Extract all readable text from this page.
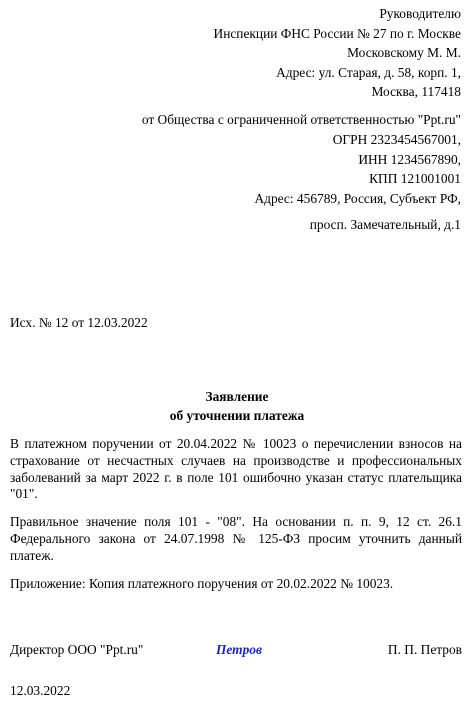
Руководителю
Инспекции ФНС России № 27 по г. Москве
Московскому М. М.
Адрес: ул. Старая, д. 58, корп. 1,
Москва, 117418
от Общества с ограниченной ответственностью "Ppt.ru"
ОГРН 2323454567001,
ИНН 1234567890,
КПП 121001001
Адрес: 456789, Россия, Субъект РФ,
просп. Замечательный, д.1
Исх. № 12 от 12.03.2022
Заявление
об уточнении платежа

В платежном поручении от 20.04.2022 № 10023 о перечислении взносов на страхование от несчастных случаев на производстве и профессиональных заболеваний за март 2022 г. в поле 101 ошибочно указан статус плательщика "01".

Правильное значение поля 101 - "08". На основании п. п. 9, 12 ст. 26.1 Федерального закона от 24.07.1998 № 125-ФЗ просим уточнить данный платеж.

Приложение: Копия платежного поручения от 20.02.2022 № 10023.

Директор ООО "Ppt.ru"	Петров	П. П. Петров
12.03.2022
